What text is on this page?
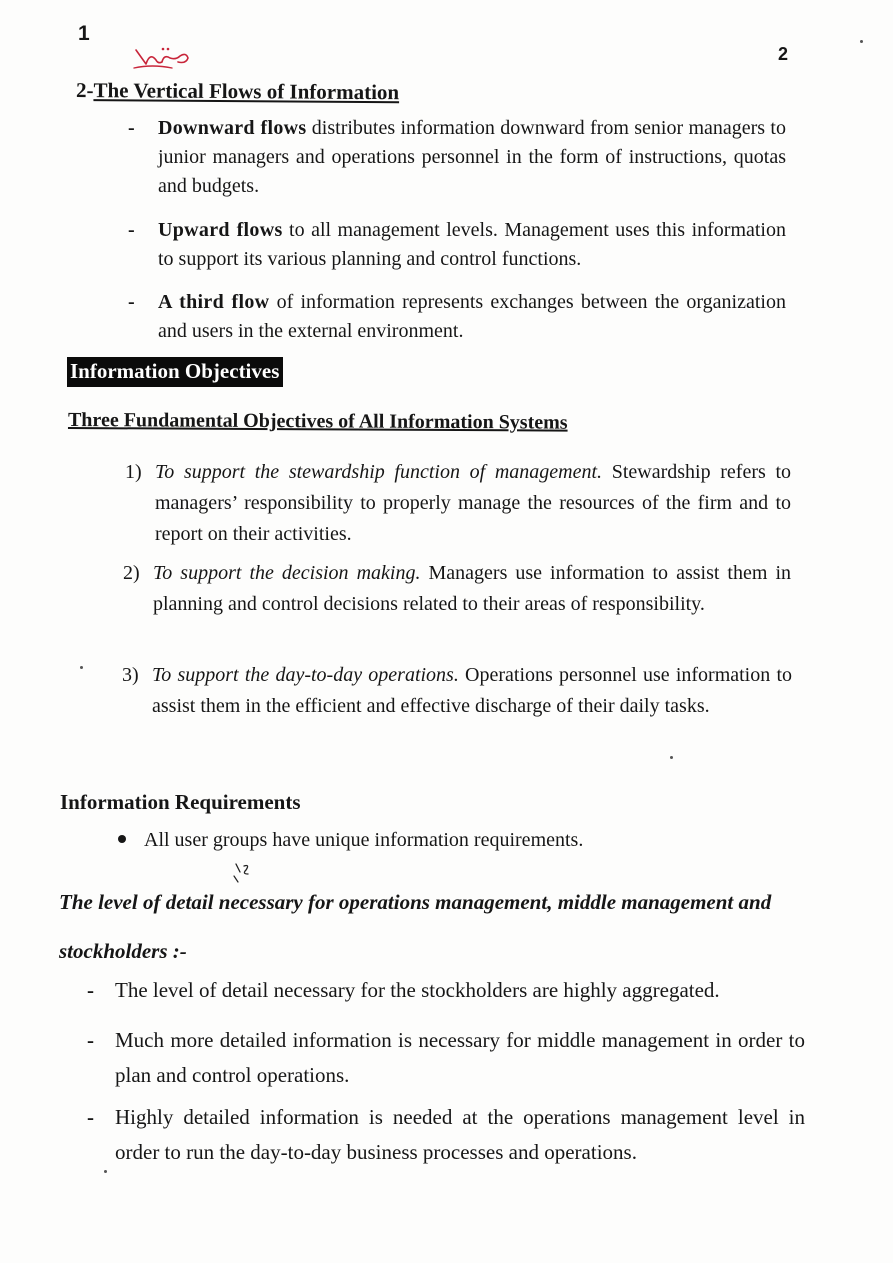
1
2
2-The Vertical Flows of Information
- Downward flows distributes information downward from senior managers to junior managers and operations personnel in the form of instructions, quotas and budgets.

- Upward flows to all management levels. Management uses this information to support its various planning and control functions.

- A third flow of information represents exchanges between the organization and users in the external environment.

Information Objectives
Three Fundamental Objectives of All Information Systems
1) To support the stewardship function of management. Stewardship refers to managers’ responsibility to properly manage the resources of the firm and to report on their activities.

2) To support the decision making. Managers use information to assist them in planning and control decisions related to their areas of responsibility.

3) To support the day-to-day operations. Operations personnel use information to assist them in the efficient and effective discharge of their daily tasks.

Information Requirements
All user groups have unique information requirements.
The level of detail necessary for operations management, middle management and stockholders :-
- The level of detail necessary for the stockholders are highly aggregated.

- Much more detailed information is necessary for middle management in order to plan and control operations.

- Highly detailed information is needed at the operations management level in order to run the day-to-day business processes and operations.
